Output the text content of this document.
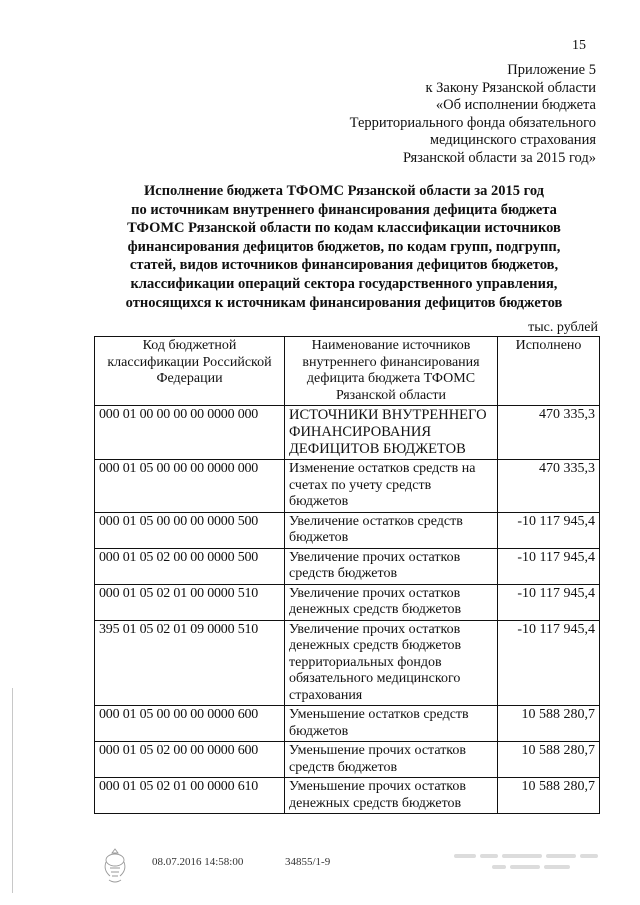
15
Приложение 5
к Закону Рязанской области
«Об исполнении бюджета
Территориального фонда обязательного
медицинского страхования
Рязанской области за 2015 год»
Исполнение бюджета ТФОМС Рязанской области за 2015 год
по источникам внутреннего финансирования дефицита бюджета
ТФОМС Рязанской области по кодам классификации источников
финансирования дефицитов бюджетов, по кодам групп, подгрупп,
статей, видов источников финансирования дефицитов бюджетов,
классификации операций сектора государственного управления,
относящихся к источникам финансирования дефицитов бюджетов
тыс. рублей
Код бюджетной классификации Российской Федерации	Наименование источников внутреннего финансирования дефицита бюджета ТФОМС Рязанской области	Исполнено
000 01 00 00 00 00 0000 000	ИСТОЧНИКИ ВНУТРЕННЕГО ФИНАНСИРОВАНИЯ ДЕФИЦИТОВ БЮДЖЕТОВ	470 335,3
000 01 05 00 00 00 0000 000	Изменение остатков средств на счетах по учету средств бюджетов	470 335,3
000 01 05 00 00 00 0000 500	Увеличение остатков средств бюджетов	-10 117 945,4
000 01 05 02 00 00 0000 500	Увеличение прочих остатков средств бюджетов	-10 117 945,4
000 01 05 02 01 00 0000 510	Увеличение прочих остатков денежных средств бюджетов	-10 117 945,4
395 01 05 02 01 09 0000 510	Увеличение прочих остатков денежных средств бюджетов территориальных фондов обязательного медицинского страхования	-10 117 945,4
000 01 05 00 00 00 0000 600	Уменьшение остатков средств бюджетов	10 588 280,7
000 01 05 02 00 00 0000 600	Уменьшение прочих остатков средств бюджетов	10 588 280,7
000 01 05 02 01 00 0000 610	Уменьшение прочих остатков денежных средств бюджетов	10 588 280,7
08.07.2016 14:58:00	34855/1-9
